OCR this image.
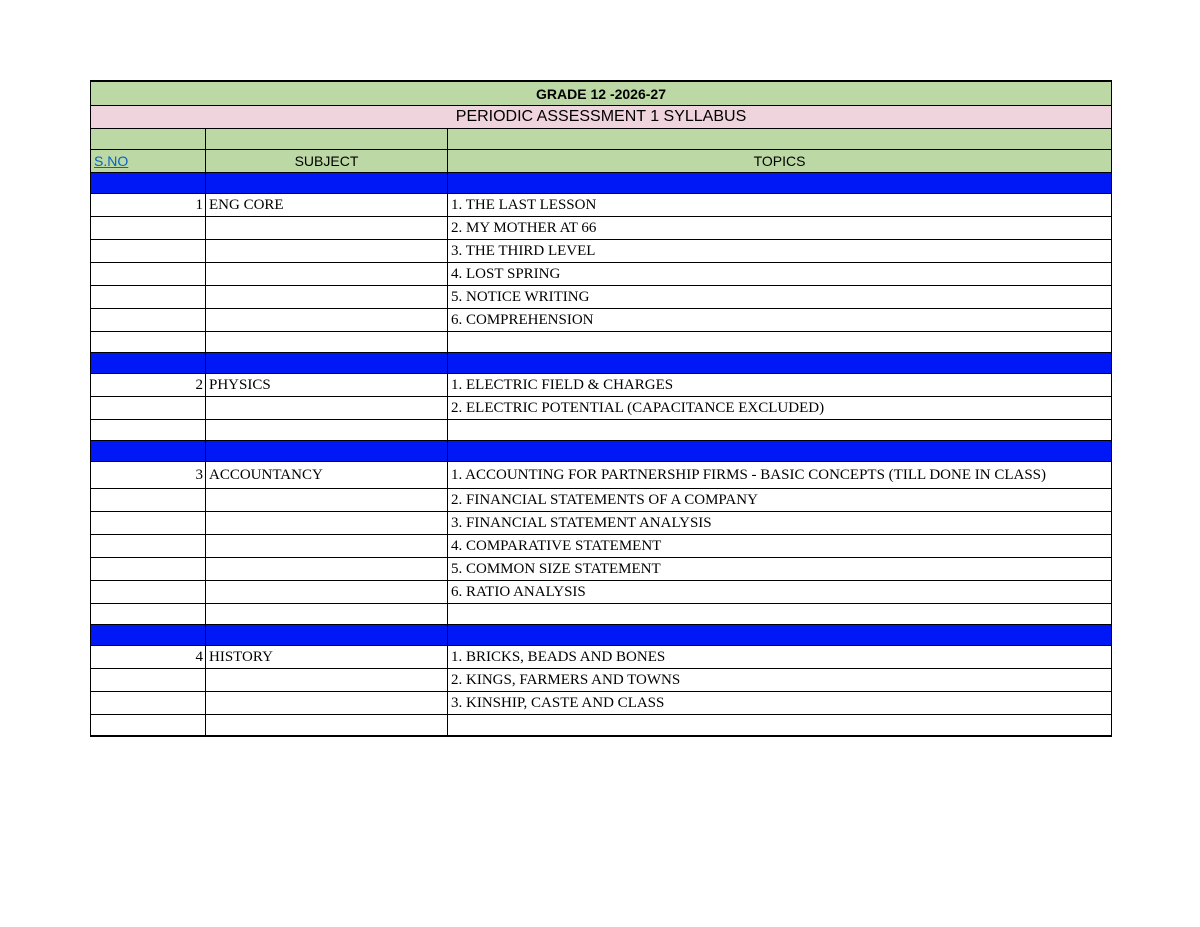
GRADE 12 -2026-27		
PERIODIC ASSESSMENT 1 SYLLABUS		

S.NO	SUBJECT	TOPICS

1	ENG CORE	1. THE LAST LESSON
		2. MY MOTHER AT 66
		3. THE THIRD LEVEL
		4. LOST SPRING
		5. NOTICE WRITING
		6. COMPREHENSION

2	PHYSICS	1. ELECTRIC FIELD & CHARGES
		2. ELECTRIC POTENTIAL (CAPACITANCE EXCLUDED)

3	ACCOUNTANCY	1. ACCOUNTING FOR PARTNERSHIP FIRMS - BASIC CONCEPTS (TILL DONE IN CLASS)
		2. FINANCIAL STATEMENTS OF A COMPANY
		3. FINANCIAL STATEMENT ANALYSIS
		4. COMPARATIVE STATEMENT
		5. COMMON SIZE STATEMENT
		6. RATIO ANALYSIS

4	HISTORY	1. BRICKS, BEADS AND BONES
		2. KINGS, FARMERS AND TOWNS
		3. KINSHIP, CASTE AND CLASS
